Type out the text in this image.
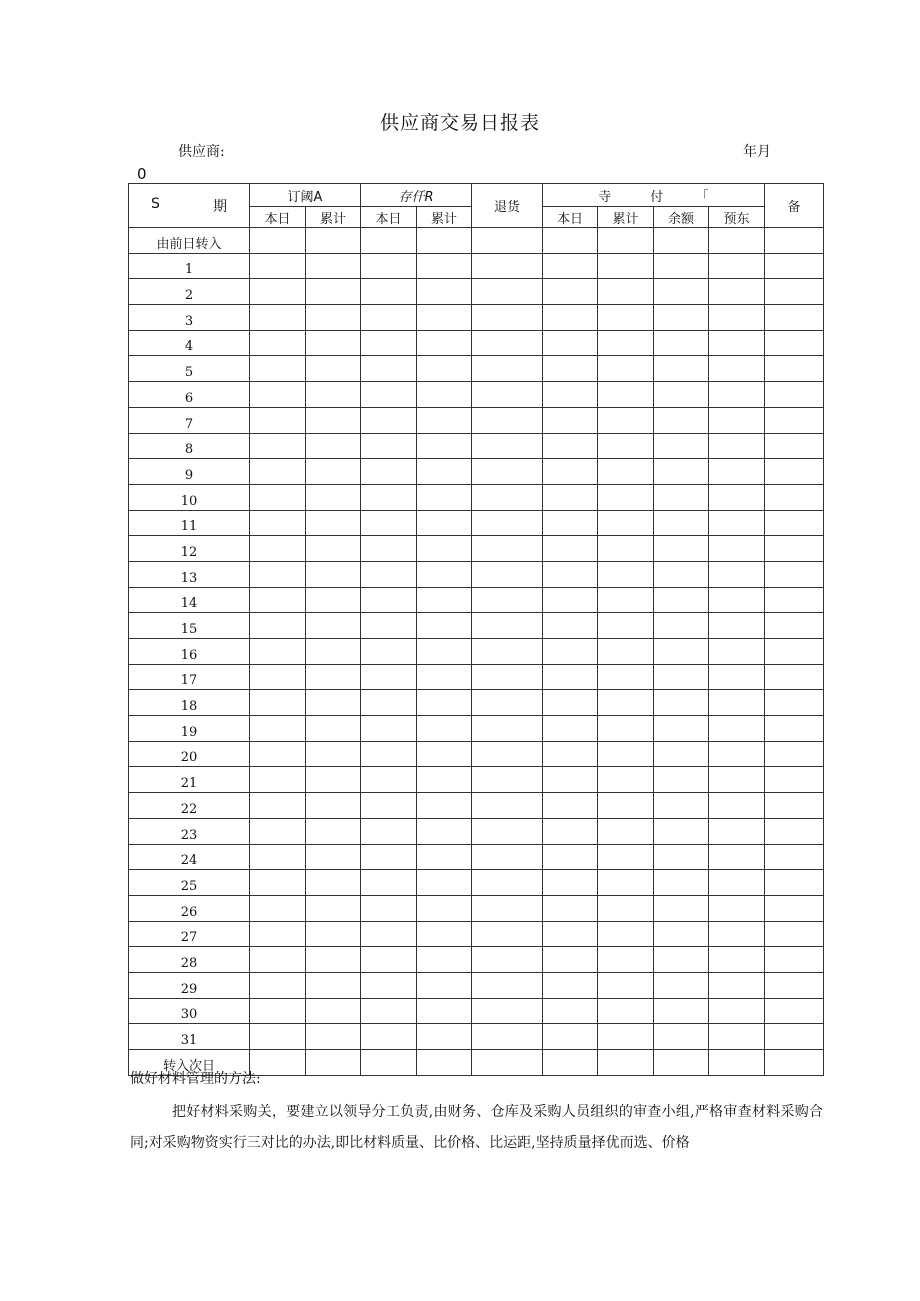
供应商交易日报表
供应商:	年月
0
S 期	订阈A		存仟R		退货	寺　　　付　　　「				备
	本日	累计	本日	累计		本日	累计	余额	预东	
由前日转入										
1										
2										
3										
4										
5										
6										
7										
8										
9										
10										
11										
12										
13										
14										
15										
16										
17										
18										
19										
20										
21										
22										
23										
24										
25										
26										
27										
28										
29										
30										
31										
转入次日										
做好材料管理的方法:
把好材料采购关，要建立以领导分工负责,由财务、仓库及采购人员组织的审查小组,严格审查材料采购合同;对采购物资实行三对比的办法,即比材料质量、比价格、比运距,坚持质量择优而选、价格
